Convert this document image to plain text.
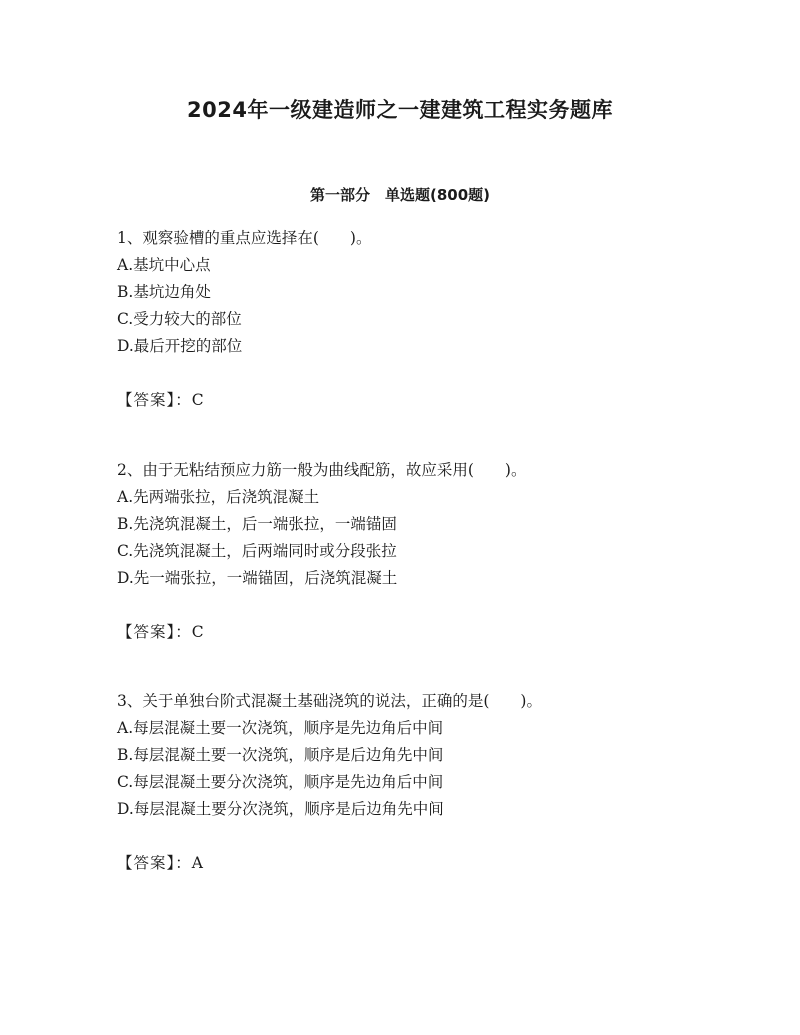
2024年一级建造师之一建建筑工程实务题库
第一部分　单选题(800题)
1、观察验槽的重点应选择在(　　)。
A.基坑中心点
B.基坑边角处
C.受力较大的部位
D.最后开挖的部位
【答案】：C
2、由于无粘结预应力筋一般为曲线配筋，故应采用(　　)。
A.先两端张拉，后浇筑混凝土
B.先浇筑混凝土，后一端张拉，一端锚固
C.先浇筑混凝土，后两端同时或分段张拉
D.先一端张拉，一端锚固，后浇筑混凝土
【答案】：C
3、关于单独台阶式混凝土基础浇筑的说法，正确的是(　　)。
A.每层混凝土要一次浇筑，顺序是先边角后中间
B.每层混凝土要一次浇筑，顺序是后边角先中间
C.每层混凝土要分次浇筑，顺序是先边角后中间
D.每层混凝土要分次浇筑，顺序是后边角先中间
【答案】：A
